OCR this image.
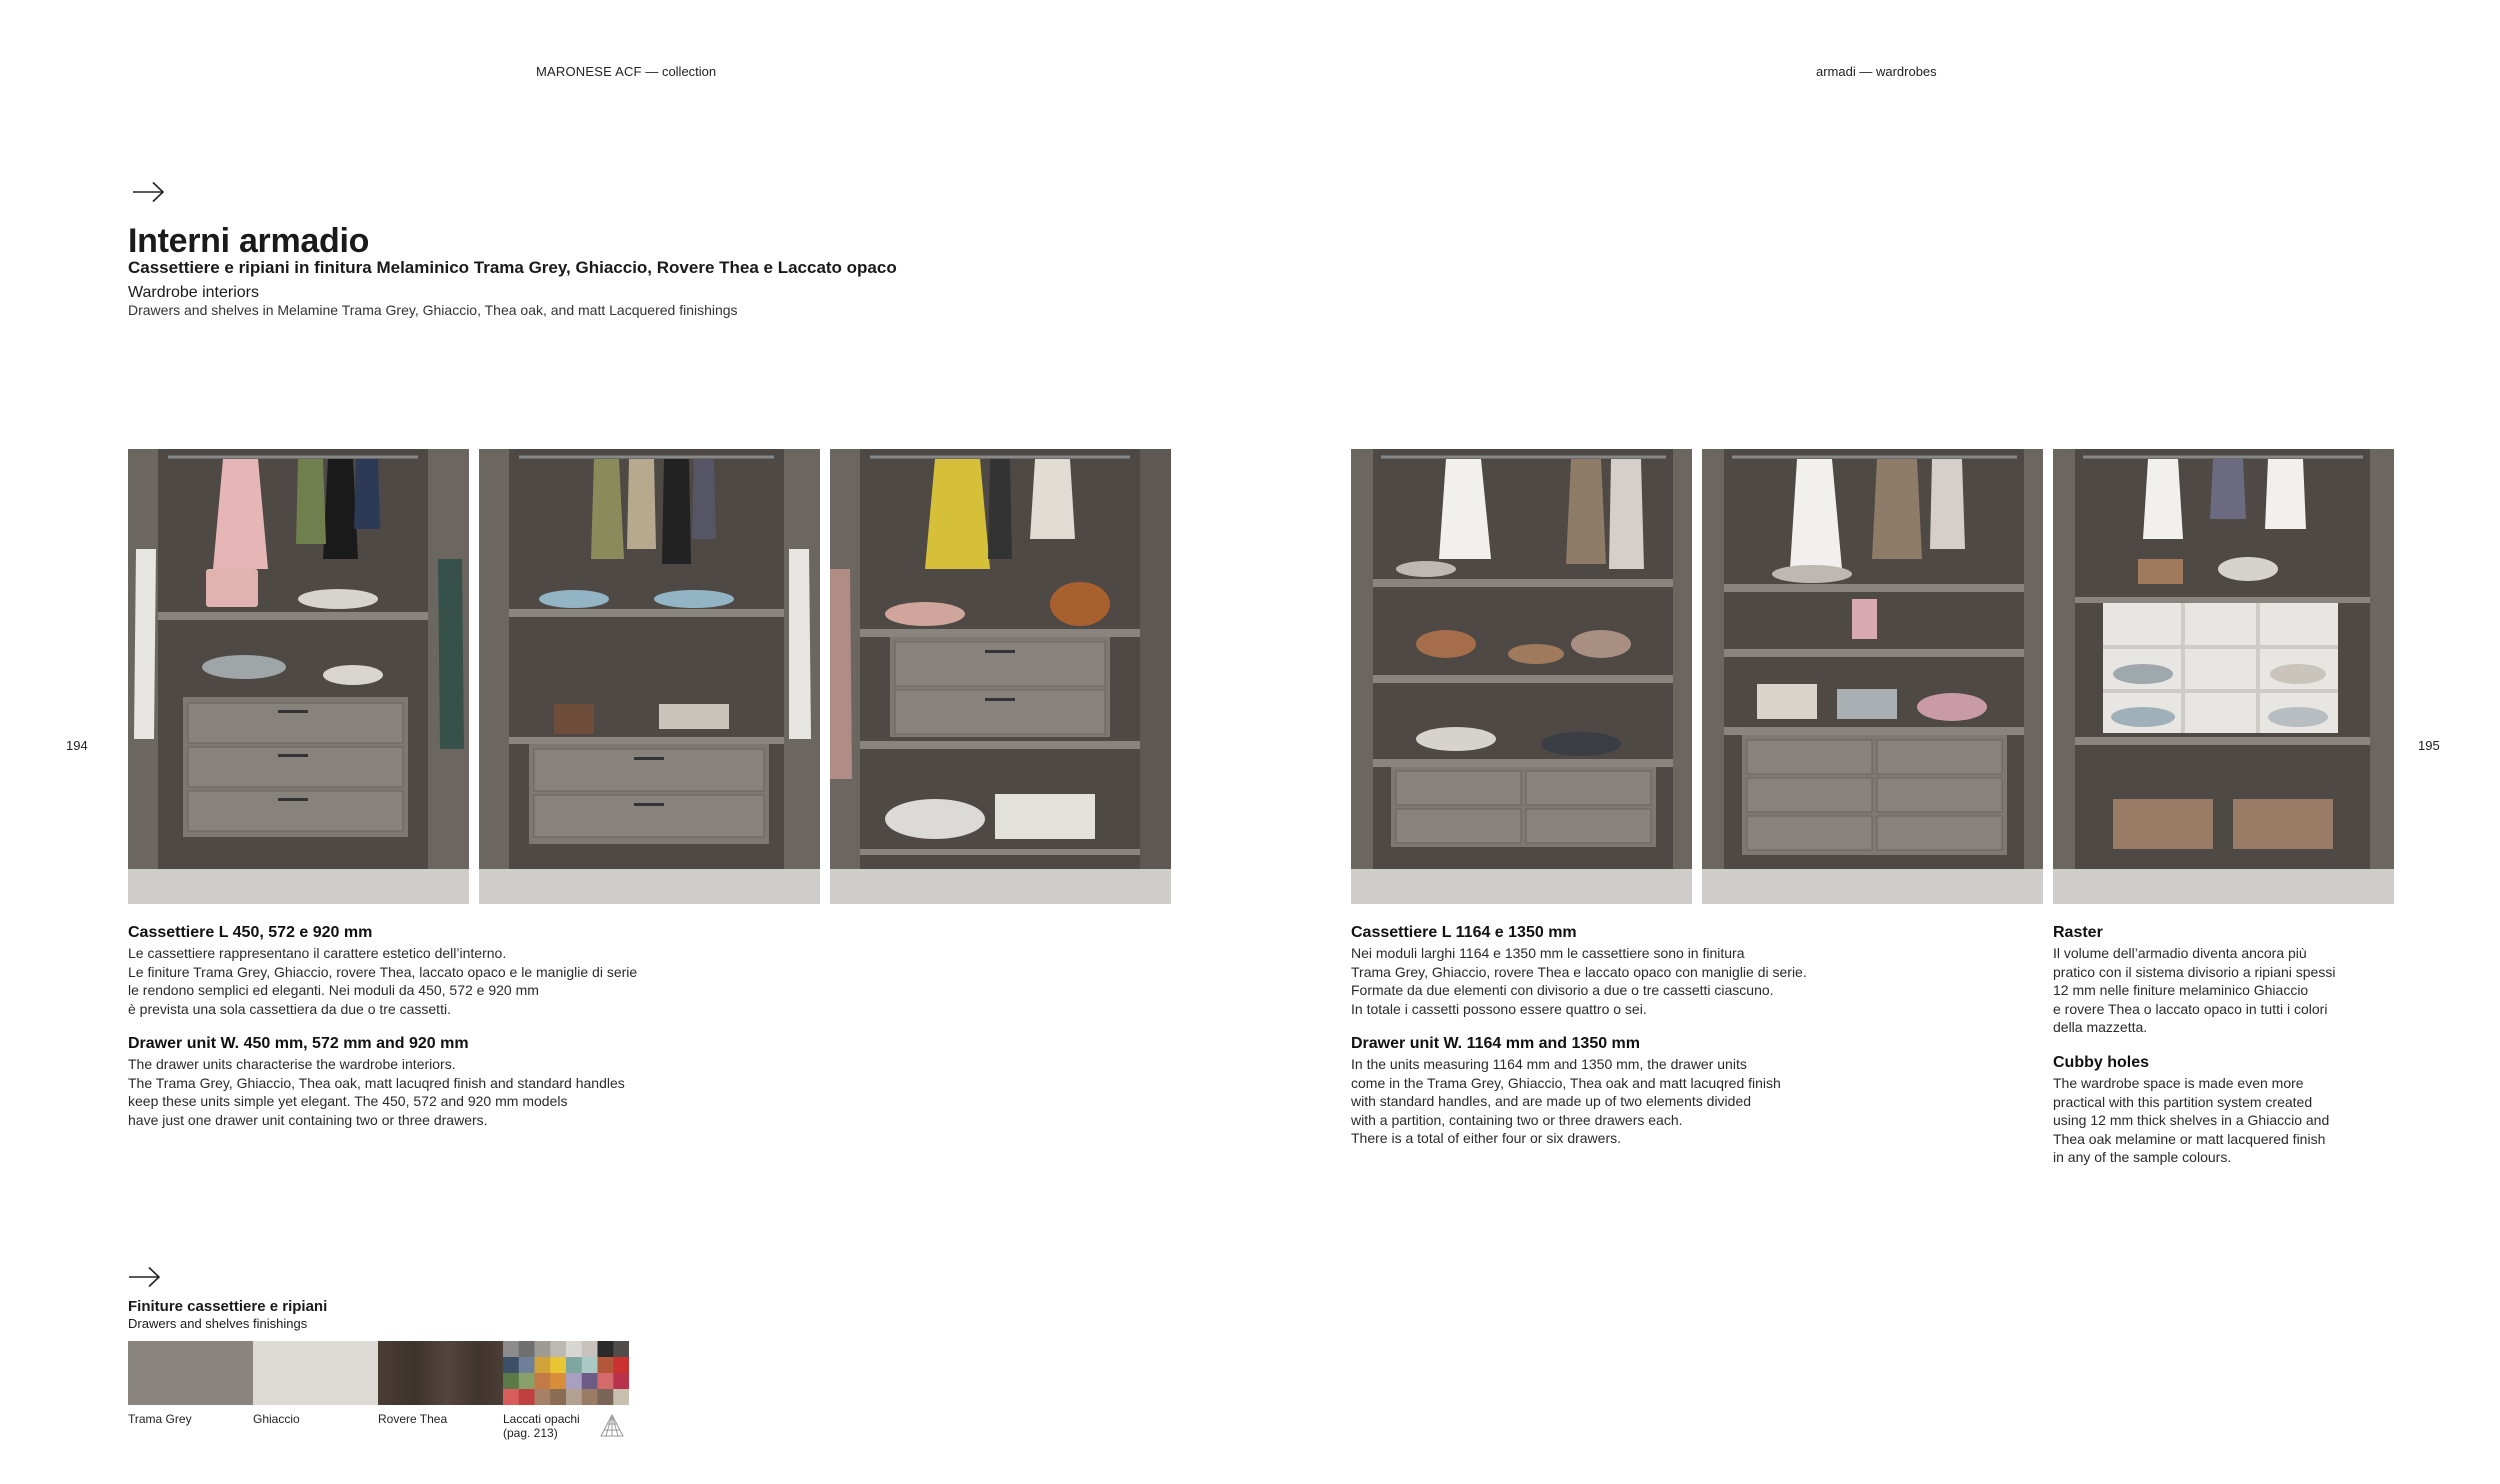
MARONESE ACF — collection	armadi — wardrobes
194	195
Interni armadio
Cassettiere e ripiani in finitura Melaminico Trama Grey, Ghiaccio, Rovere Thea e Laccato opaco
Wardrobe interiors
Drawers and shelves in Melamine Trama Grey, Ghiaccio, Thea oak, and matt Lacquered finishings
Cassettiere L 450, 572 e 920 mm
Le cassettiere rappresentano il carattere estetico dell’interno.
Le finiture Trama Grey, Ghiaccio, rovere Thea, laccato opaco e le maniglie di serie
le rendono semplici ed eleganti. Nei moduli da 450, 572 e 920 mm
è prevista una sola cassettiera da due o tre cassetti.
Drawer unit W. 450 mm, 572 mm and 920 mm
The drawer units characterise the wardrobe interiors.
The Trama Grey, Ghiaccio, Thea oak, matt lacuqred finish and standard handles
keep these units simple yet elegant. The 450, 572 and 920 mm models
have just one drawer unit containing two or three drawers.
Cassettiere L 1164 e 1350 mm
Nei moduli larghi 1164 e 1350 mm le cassettiere sono in finitura
Trama Grey, Ghiaccio, rovere Thea e laccato opaco con maniglie di serie.
Formate da due elementi con divisorio a due o tre cassetti ciascuno.
In totale i cassetti possono essere quattro o sei.
Drawer unit W. 1164 mm and 1350 mm
In the units measuring 1164 mm and 1350 mm, the drawer units
come in the Trama Grey, Ghiaccio, Thea oak and matt lacuqred finish
with standard handles, and are made up of two elements divided
with a partition, containing two or three drawers each.
There is a total of either four or six drawers.
Raster
Il volume dell’armadio diventa ancora più
pratico con il sistema divisorio a ripiani spessi
12 mm nelle finiture melaminico Ghiaccio
e rovere Thea o laccato opaco in tutti i colori
della mazzetta.
Cubby holes
The wardrobe space is made even more
practical with this partition system created
using 12 mm thick shelves in a Ghiaccio and
Thea oak melamine or matt lacquered finish
in any of the sample colours.
Finiture cassettiere e ripiani
Drawers and shelves finishings
Trama Grey	Ghiaccio	Rovere Thea	Laccati opachi
(pag. 213)
